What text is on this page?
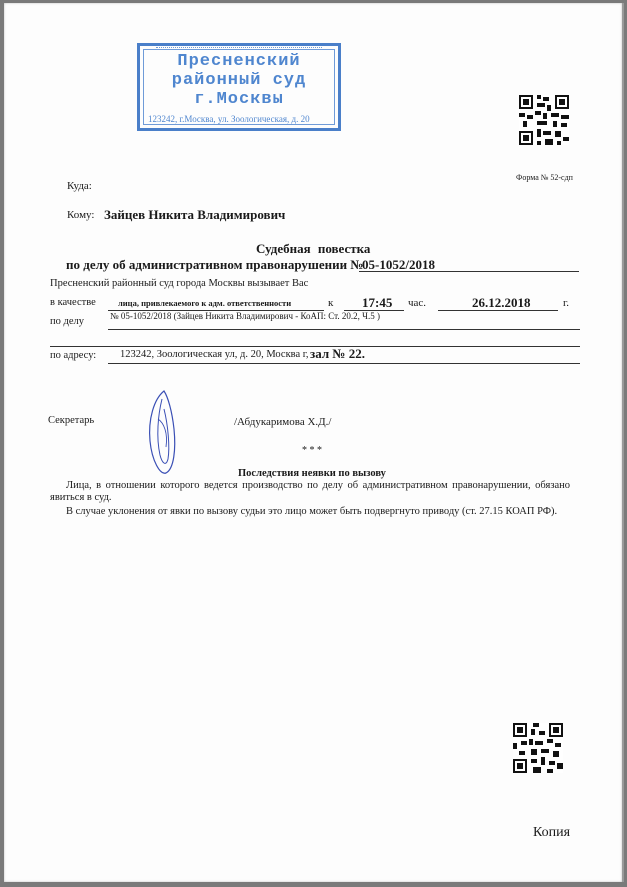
Пресненский
районный суд
г.Москвы
123242, г.Москва, ул. Зоологическая, д. 20
Форма № 52-сдп
Куда:
Кому: Зайцев Никита Владимирович
Судебная повестка
по делу об административном правонарушении №
05-1052/2018
Пресненский районный суд города Москвы вызывает Вас
в качестве	лица, привлекаемого к адм. ответственности	к 17:45 час.	26.12.2018	г.
по делу	№ 05-1052/2018 (Зайцев Никита Владимирович - КоАП: Ст. 20.2, Ч.5 )
по адресу: 123242, Зоологическая ул, д. 20, Москва г, зал № 22.
Секретарь	/Абдукаримова Х.Д./
* * *
Последствия неявки по вызову
Лица, в отношении которого ведется производство по делу об административном правонарушении, обязано явиться в суд.
В случае уклонения от явки по вызову судьи это лицо может быть подвергнуто приводу (ст. 27.15 КОАП РФ).
Копия
